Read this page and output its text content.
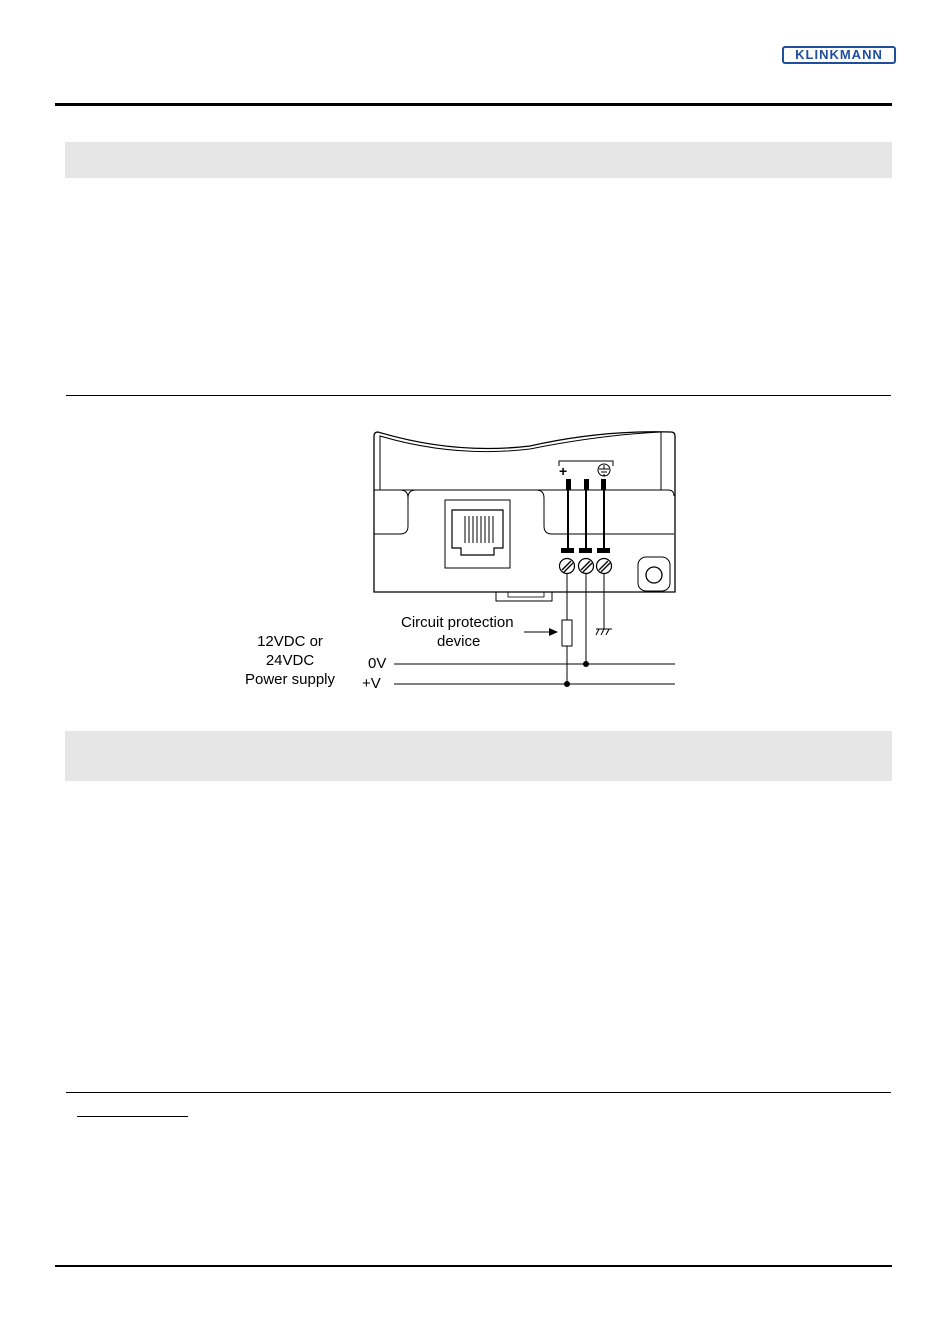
KLINKMANN
+
Circuit protection
device
12VDC or
24VDC
Power supply
0V
+V
